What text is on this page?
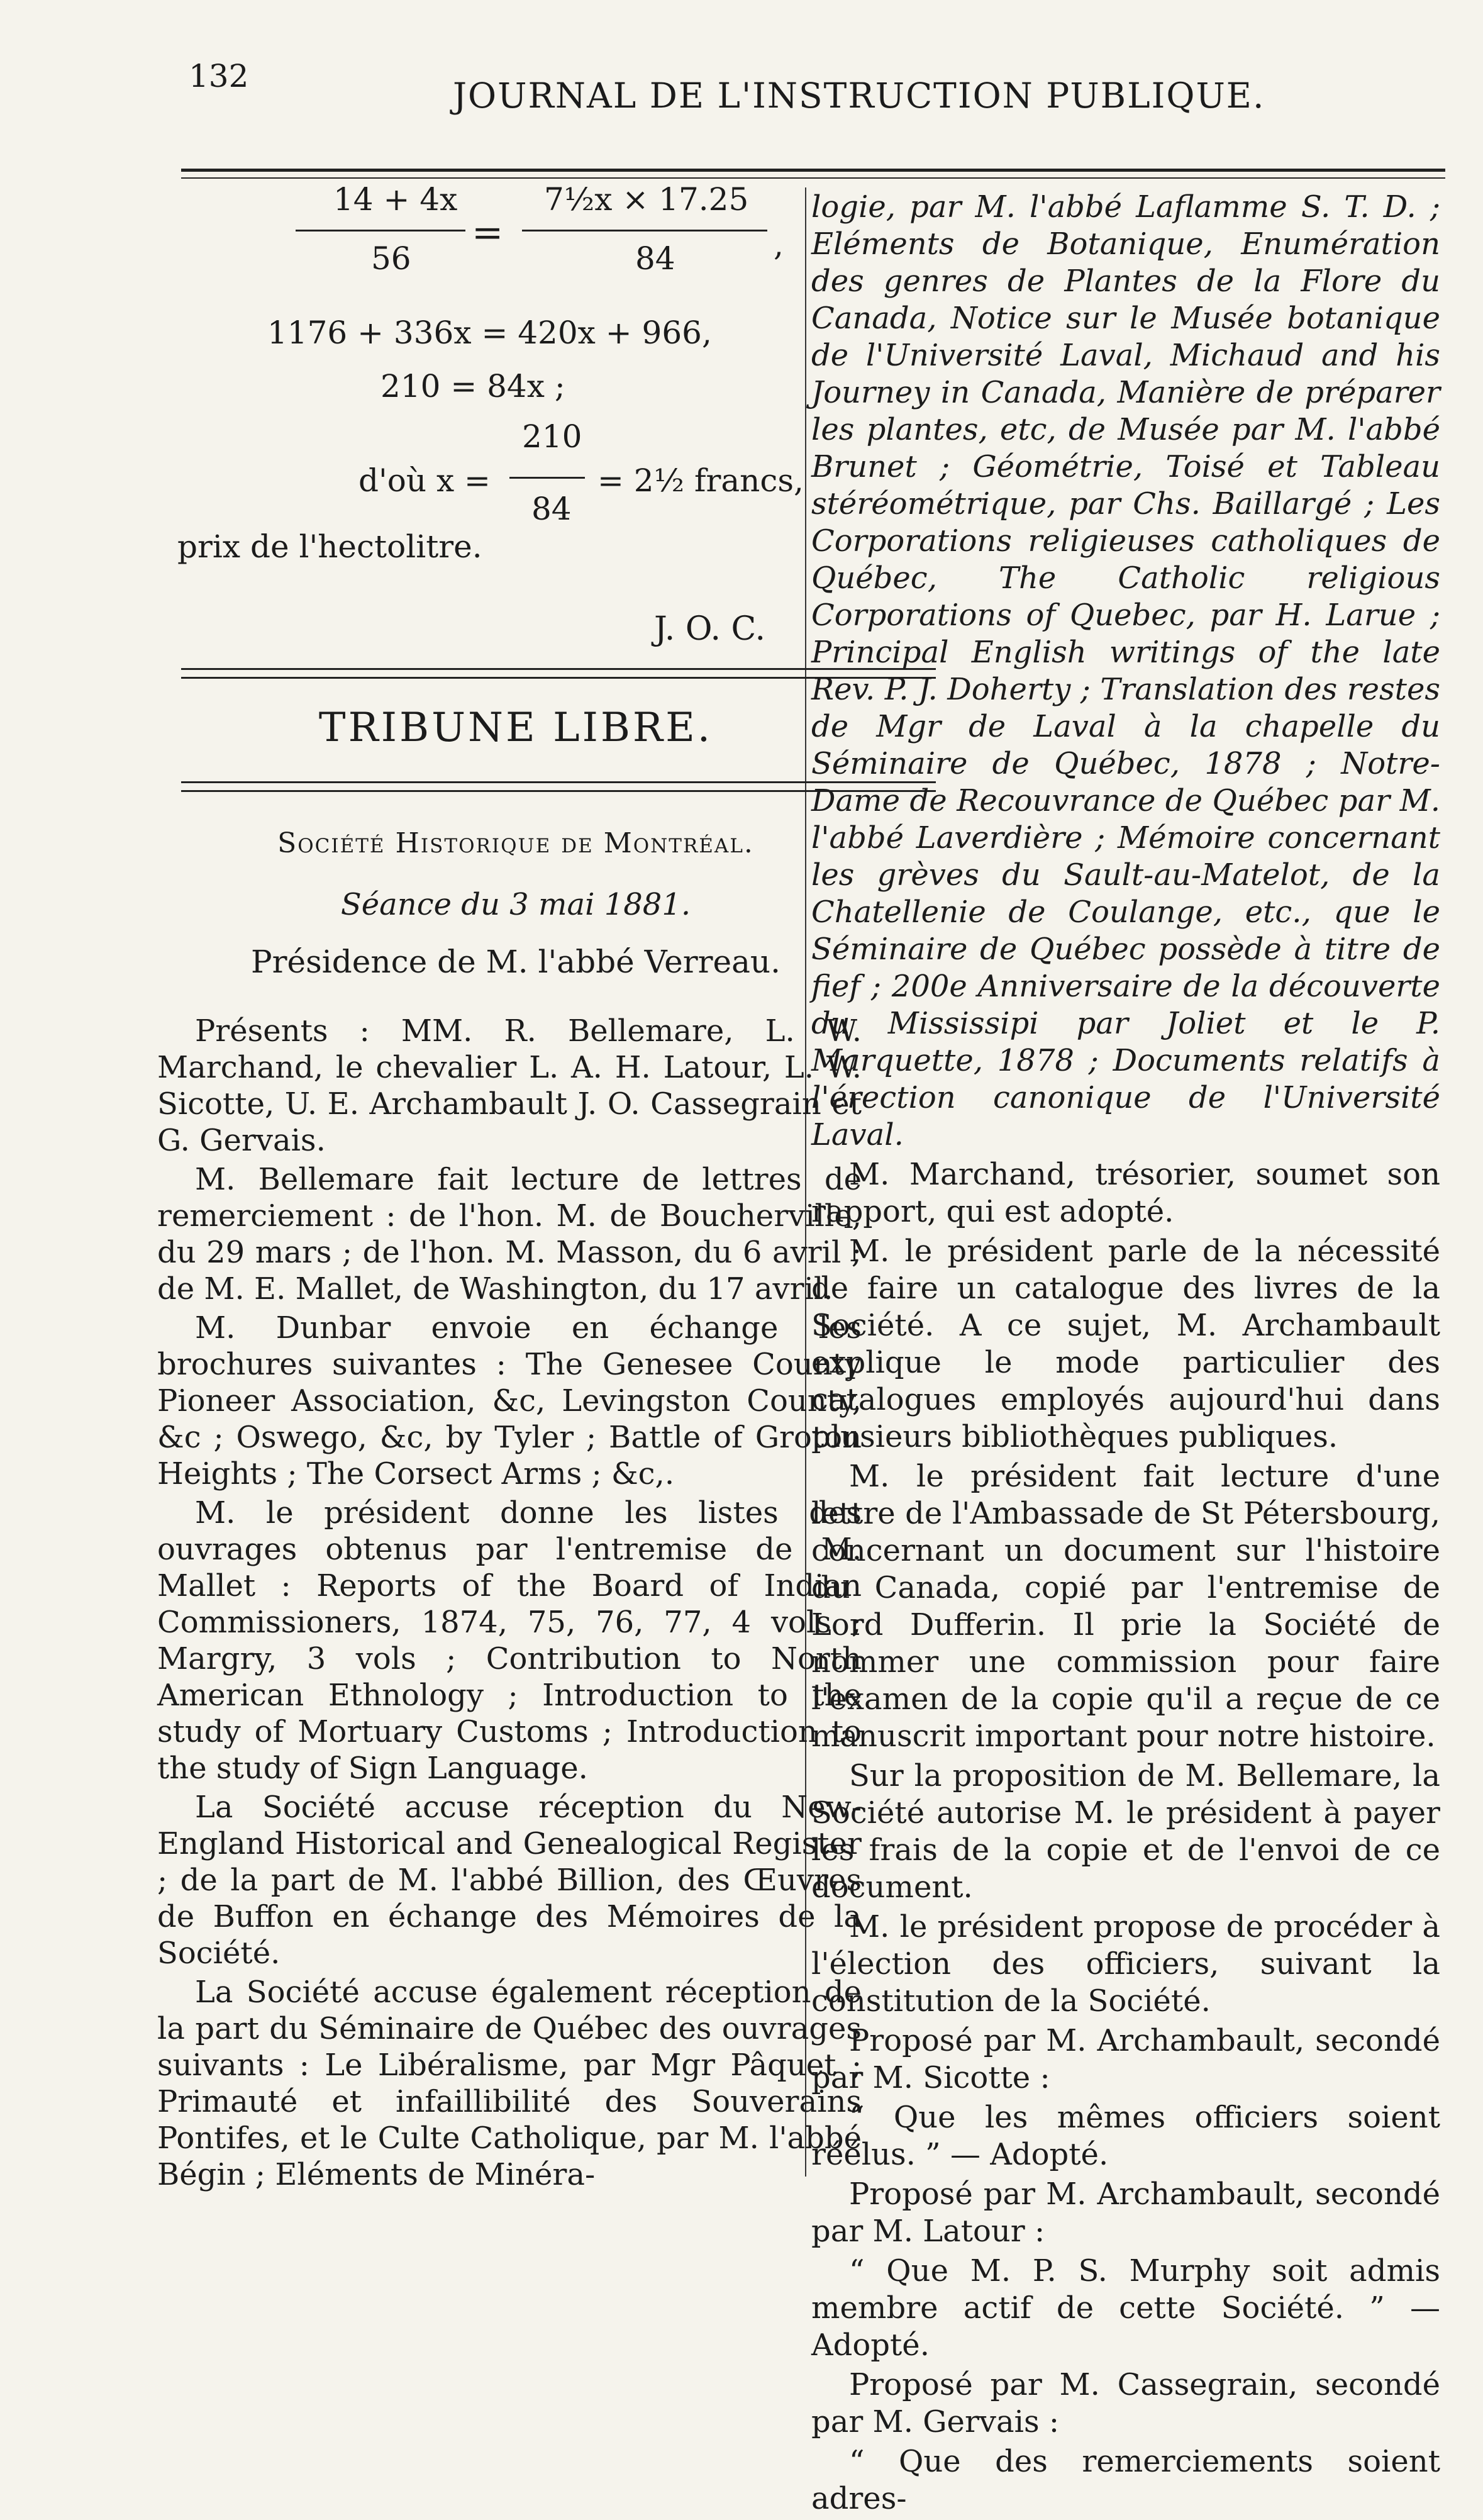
132	JOURNAL DE L'INSTRUCTION PUBLIQUE.
14 + 4x
56
=
7½x × 17.25
84	,
1176 + 336x = 420x + 966,
210 = 84x ;
210
d'où x =
84
= 2½ francs,
prix de l'hectolitre.
J. O. C.
TRIBUNE LIBRE.
Société Historique de Montréal.
Séance du 3 mai 1881.
Présidence de M. l'abbé Verreau.

Présents : MM. R. Bellemare, L. W. Marchand, le chevalier L. A. H. Latour, L. W. Sicotte, U. E. Archambault J. O. Cassegrain et G. Gervais.

M. Bellemare fait lecture de lettres de remerciement : de l'hon. M. de Boucherville, du 29 mars ; de l'hon. M. Masson, du 6 avril ; de M. E. Mallet, de Washington, du 17 avril.

M. Dunbar envoie en échange les brochures suivantes : The Genesee County Pioneer Association, &c, Levingston County, &c ; Oswego, &c, by Tyler ; Battle of Groton Heights ; The Corsect Arms ; &c,.

M. le président donne les listes des ouvrages obtenus par l'entremise de M. Mallet : Reports of the Board of Indian Commissioners, 1874, 75, 76, 77, 4 vols ; Margry, 3 vols ; Contribution to North American Ethnology ; Introduction to the study of Mortuary Customs ; Introduction to the study of Sign Language.

La Société accuse réception du New-England Historical and Genealogical Register ; de la part de M. l'abbé Billion, des Œuvres de Buffon en échange des Mémoires de la Société.

La Société accuse également réception de la part du Séminaire de Québec des ouvrages suivants : Le Libéralisme, par Mgr Pâquet ; Primauté et infaillibilité des Souverains Pontifes, et le Culte Catholique, par M. l'abbé Bégin ; Eléments de Minéra-

logie, par M. l'abbé Laflamme S. T. D. ; Eléments de Botanique, Enumération des genres de Plantes de la Flore du Canada, Notice sur le Musée botanique de l'Université Laval, Michaud and his Journey in Canada, Manière de préparer les plantes, etc, de Musée par M. l'abbé Brunet ; Géométrie, Toisé et Tableau stéréométrique, par Chs. Baillargé ; Les Corporations religieuses catholiques de Québec, The Catholic religious Corporations of Quebec, par H. Larue ; Principal English writings of the late Rev. P. J. Doherty ; Translation des restes de Mgr de Laval à la chapelle du Séminaire de Québec, 1878 ; Notre-Dame de Recouvrance de Québec par M. l'abbé Laverdière ; Mémoire concernant les grèves du Sault-au-Matelot, de la Chatellenie de Coulange, etc., que le Séminaire de Québec possède à titre de fief ; 200e Anniversaire de la découverte du Mississipi par Joliet et le P. Marquette, 1878 ; Documents relatifs à l'érection canonique de l'Université Laval.

M. Marchand, trésorier, soumet son rapport, qui est adopté.

M. le président parle de la nécessité de faire un catalogue des livres de la Société. A ce sujet, M. Archambault explique le mode particulier des catalogues employés aujourd'hui dans plusieurs bibliothèques publiques.

M. le président fait lecture d'une lettre de l'Ambassade de St Pétersbourg, concernant un document sur l'histoire du Canada, copié par l'entremise de Lord Dufferin. Il prie la Société de nommer une commission pour faire l'examen de la copie qu'il a reçue de ce manuscrit important pour notre histoire.

Sur la proposition de M. Bellemare, la Société autorise M. le président à payer les frais de la copie et de l'envoi de ce document.

M. le président propose de procéder à l'élection des officiers, suivant la constitution de la Société.

Proposé par M. Archambault, secondé par M. Sicotte :

“ Que les mêmes officiers soient réélus. ” — Adopté.

Proposé par M. Archambault, secondé par M. Latour :

“ Que M. P. S. Murphy soit admis membre actif de cette Société. ” — Adopté.

Proposé par M. Cassegrain, secondé par M. Gervais :

“ Que des remerciements soient adres-
